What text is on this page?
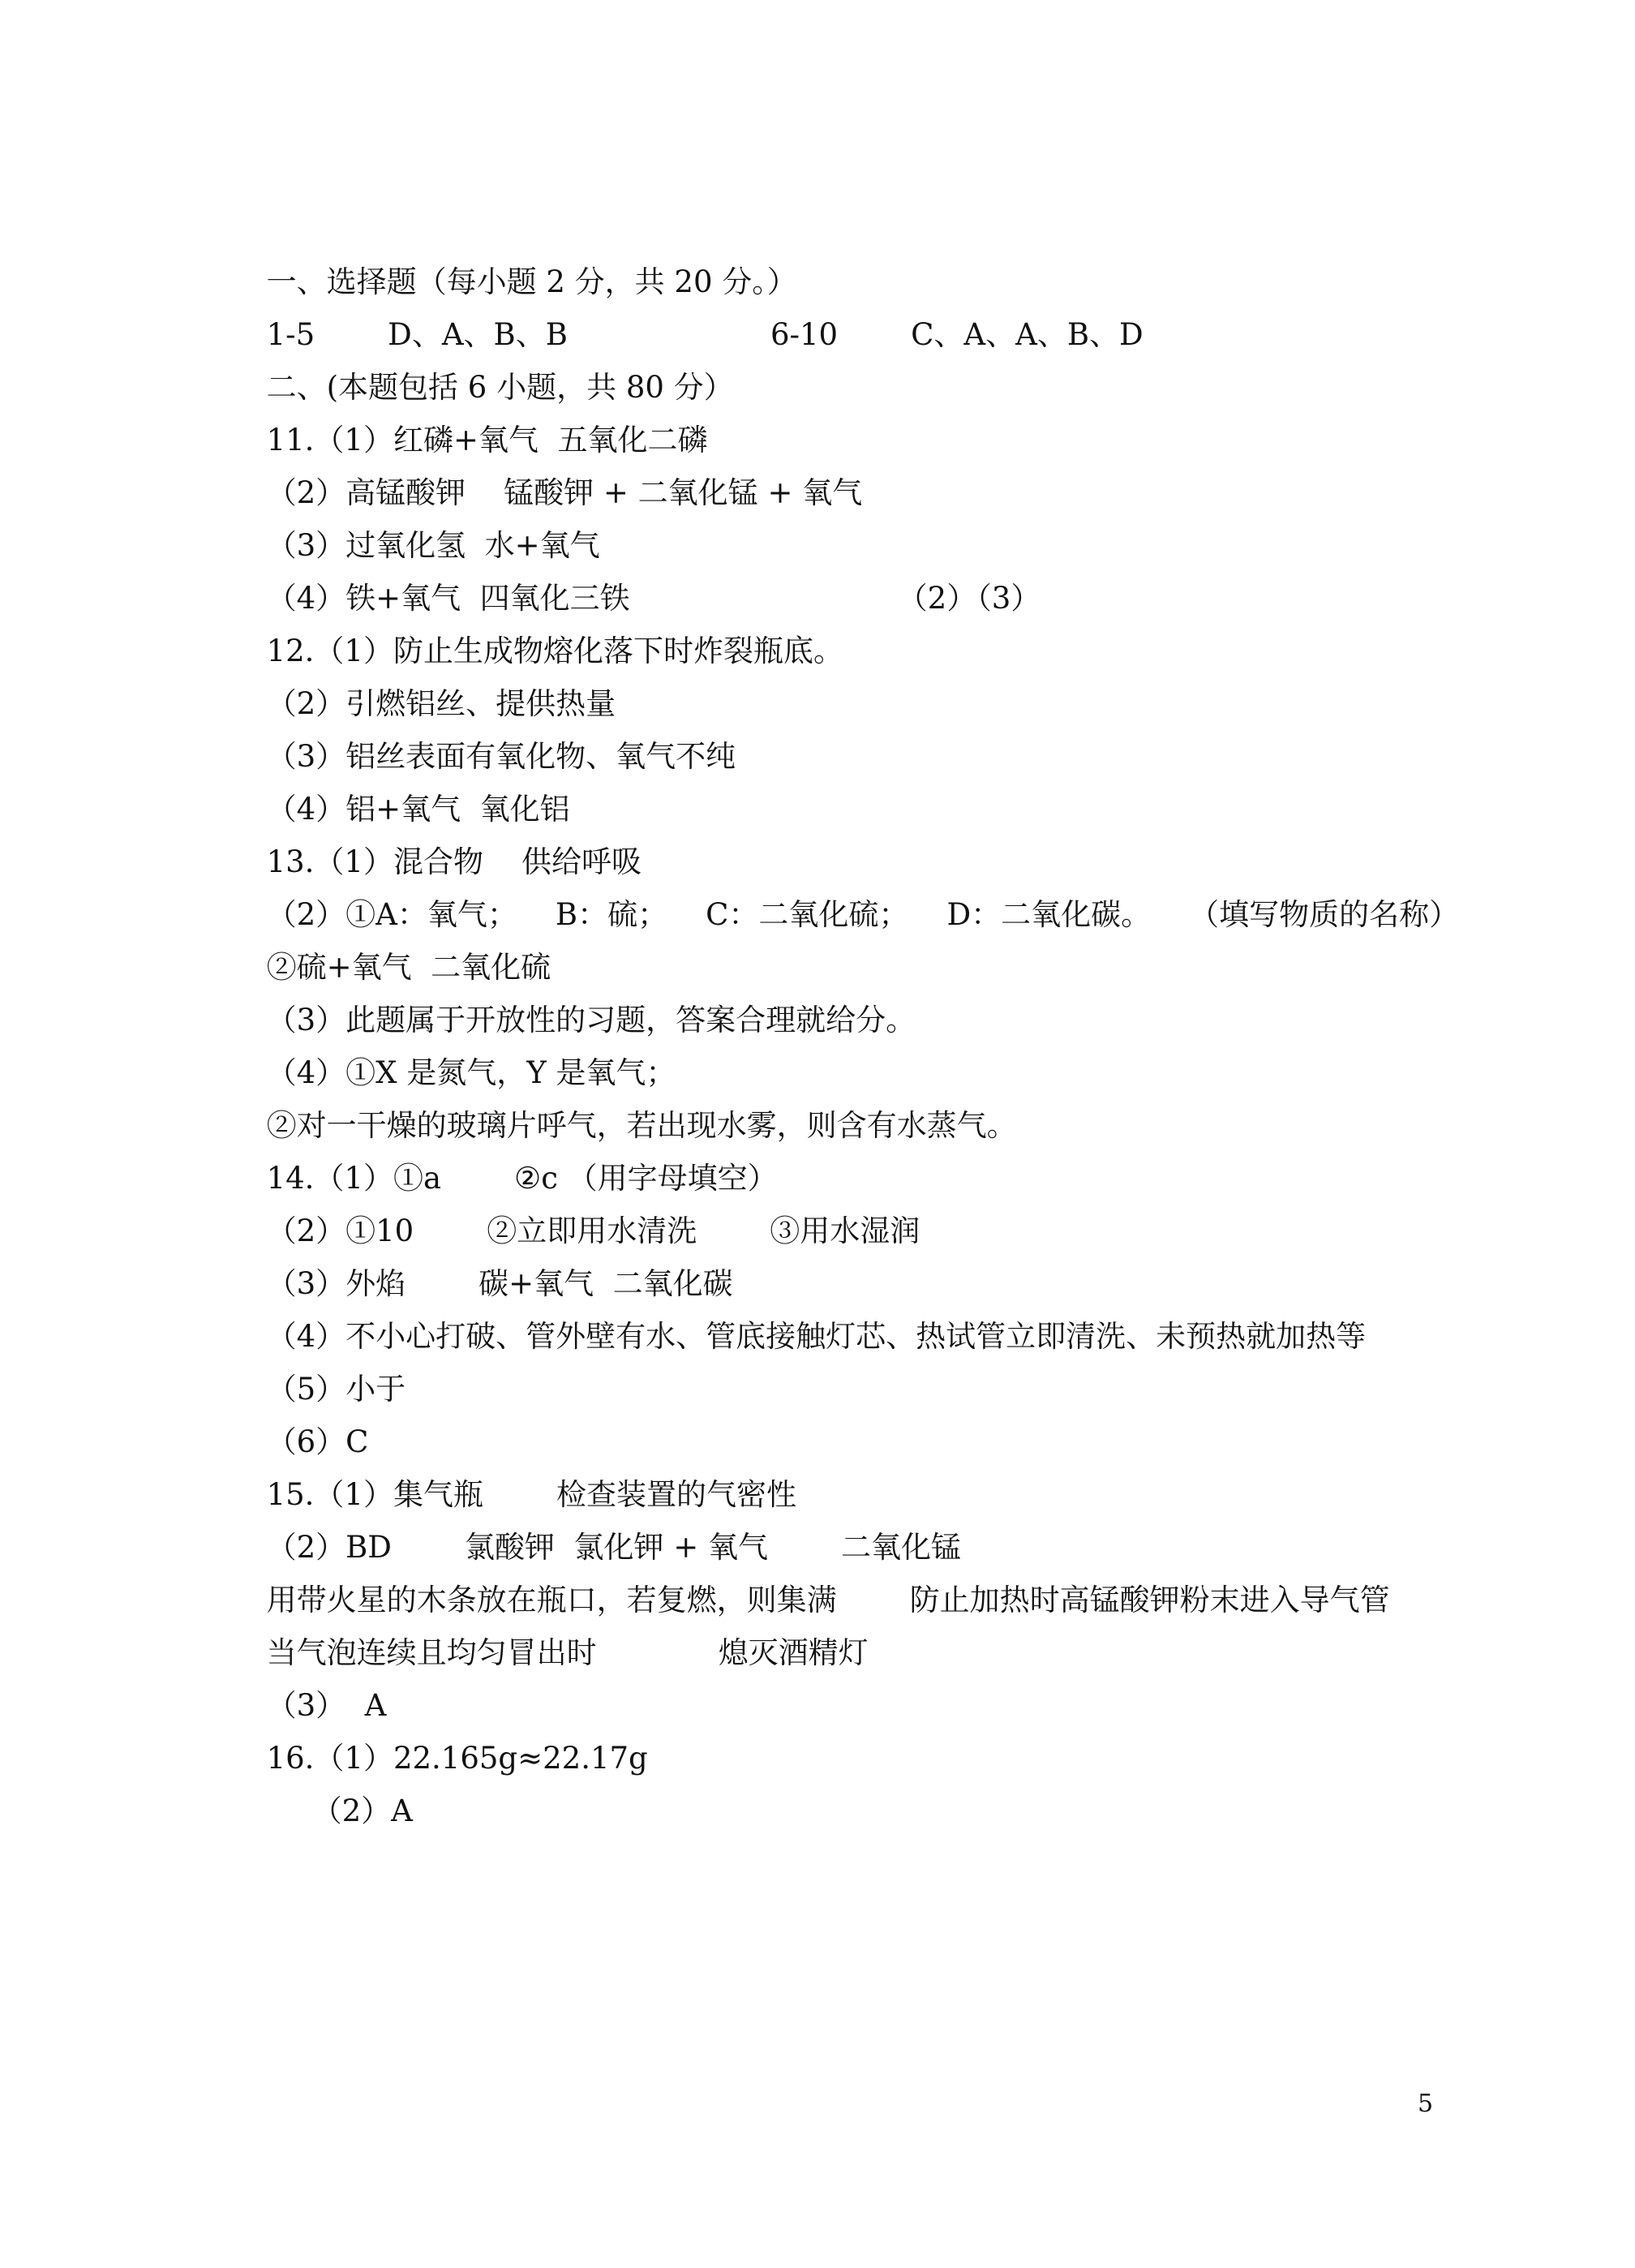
一、选择题（每小题 2 分，共 20 分。）

1-5 D、A、B、B	6-10 C、A、A、B、D

二、(本题包括 6 小题，共 80 分）

11.（1）红磷+氧气  五氧化二磷

（2）高锰酸钾    锰酸钾 + 二氧化锰 + 氧气

（3）过氧化氢  水+氧气

（4）铁+氧气  四氧化三铁	（2）（3）

12.（1）防止生成物熔化落下时炸裂瓶底。

（2）引燃铝丝、提供热量

（3）铝丝表面有氧化物、氧气不纯

（4）铝+氧气  氧化铝

13.（1）混合物    供给呼吸

（2）①A：氧气；    B：硫；    C：二氧化硫；    D：二氧化碳。    （填写物质的名称）

②硫+氧气  二氧化硫

（3）此题属于开放性的习题，答案合理就给分。

（4）①X 是氮气，Y 是氧气；

②对一干燥的玻璃片呼气，若出现水雾，则含有水蒸气。

14.（1）①a ②c （用字母填空）

（2）①10 ②立即用水清洗 ③用水湿润

（3）外焰 碳+氧气  二氧化碳

（4）不小心打破、管外壁有水、管底接触灯芯、热试管立即清洗、未预热就加热等

（5）小于

（6）C

15.（1）集气瓶 检查装置的气密性

（2）BD 氯酸钾  氯化钾 + 氧气 二氧化锰

用带火星的木条放在瓶口，若复燃，则集满 防止加热时高锰酸钾粉末进入导气管

当气泡连续且均匀冒出时	熄灭酒精灯

（3）  A

16.（1）22.165g≈22.17g

（2）A

5
